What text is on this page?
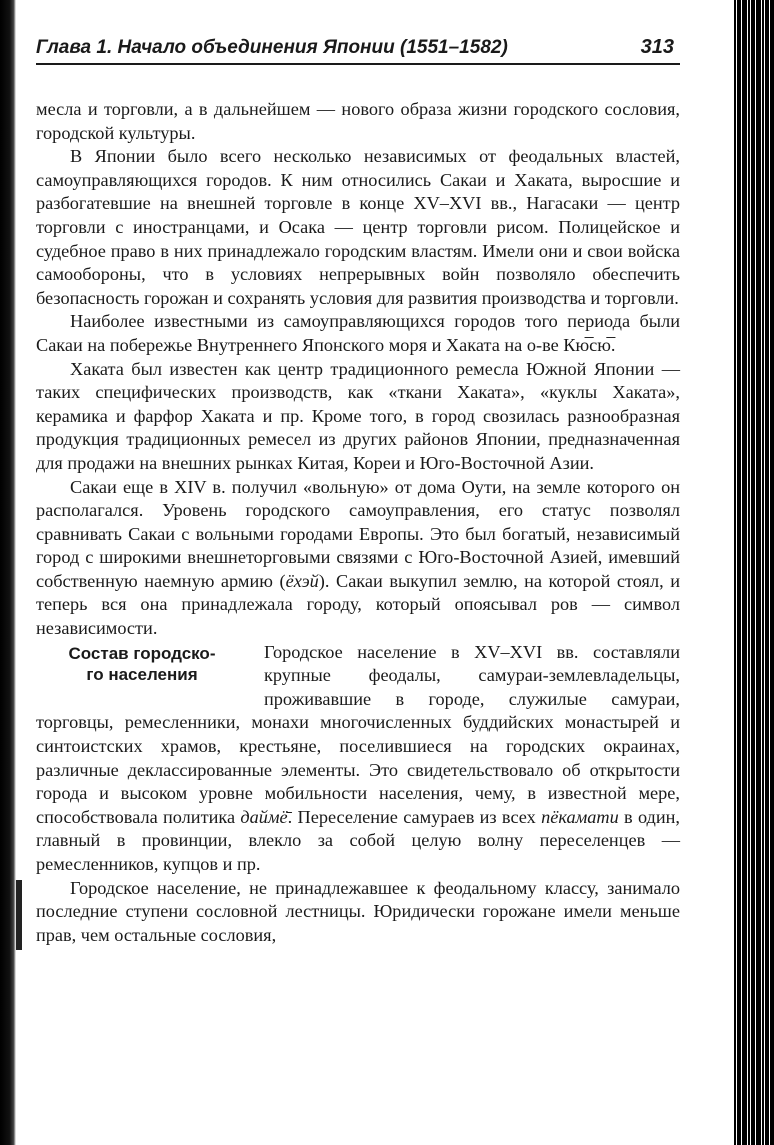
Глава 1. Начало объединения Японии (1551–1582)	313

месла и торговли, а в дальнейшем — нового образа жизни городского сословия, городской культуры.

В Японии было всего несколько независимых от феодальных властей, самоуправляющихся городов. К ним относились Сакаи и Хаката, выросшие и разбогатевшие на внешней торговле в конце XV–XVI вв., Нагасаки — центр торговли с иностранцами, и Осака — центр торговли рисом. Полицейское и судебное право в них принадлежало городским властям. Имели они и свои войска самообороны, что в условиях непрерывных войн позволяло обеспечить безопасность горожан и сохранять условия для развития производства и торговли.

Наиболее известными из самоуправляющихся городов того периода были Сакаи на побережье Внутреннего Японского моря и Хаката на о-ве Кю̅сю̅.

Хаката был известен как центр традиционного ремесла Южной Японии — таких специфических производств, как «ткани Хаката», «куклы Хаката», керамика и фарфор Хаката и пр. Кроме того, в город свозилась разнообразная продукция традиционных ремесел из других районов Японии, предназначенная для продажи на внешних рынках Китая, Кореи и Юго-Восточной Азии.

Сакаи еще в XIV в. получил «вольную» от дома Оути, на земле которого он располагался. Уровень городского самоуправления, его статус позволял сравнивать Сакаи с вольными городами Европы. Это был богатый, независимый город с широкими внешнеторговыми связями с Юго-Восточной Азией, имевший собственную наемную армию (ёхэй). Сакаи выкупил землю, на которой стоял, и теперь вся она принадлежала городу, который опоясывал ров — символ независимости.

Состав городско-
го населения

Городское население в XV–XVI вв. составляли крупные феодалы, самураи-землевладельцы, проживавшие в городе, служилые самураи, торговцы, ремесленники, монахи многочисленных буддийских монастырей и синтоистских храмов, крестьяне, поселившиеся на городских окраинах, различные деклассированные элементы. Это свидетельствовало об открытости города и высоком уровне мобильности населения, чему, в известной мере, способствовала политика даймё̄. Переселение самураев из всех пёкамати в один, главный в провинции, влекло за собой целую волну переселенцев — ремесленников, купцов и пр.

Городское население, не принадлежавшее к феодальному классу, занимало последние ступени сословной лестницы. Юридически горожане имели меньше прав, чем остальные сословия,
